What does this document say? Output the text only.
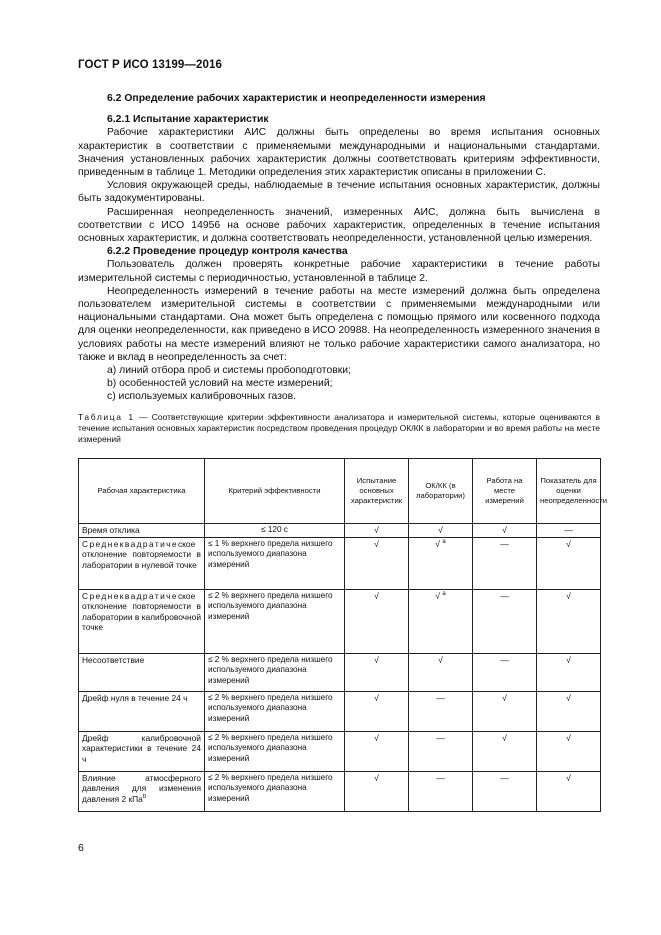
ГОСТ Р ИСО 13199—2016
6.2 Определение рабочих характеристик и неопределенности измерения
6.2.1 Испытание характеристик
Рабочие характеристики АИС должны быть определены во время испытания основных характеристик в соответствии с применяемыми международными и национальными стандартами. Значения установленных рабочих характеристик должны соответствовать критериям эффективности, приведенным в таблице 1. Методики определения этих характеристик описаны в приложении С.
Условия окружающей среды, наблюдаемые в течение испытания основных характеристик, должны быть задокументированы.
Расширенная неопределенность значений, измеренных АИС, должна быть вычислена в соответствии с ИСО 14956 на основе рабочих характеристик, определенных в течение испытания основных характеристик, и должна соответствовать неопределенности, установленной целью измерения.
6.2.2 Проведение процедур контроля качества
Пользователь должен проверять конкретные рабочие характеристики в течение работы измерительной системы с периодичностью, установленной в таблице 2.
Неопределенность измерений в течение работы на месте измерений должна быть определена пользователем измерительной системы в соответствии с применяемыми международными или национальными стандартами. Она может быть определена с помощью прямого или косвенного подхода для оценки неопределенности, как приведено в ИСО 20988. На неопределенность измеренного значения в условиях работы на месте измерений влияют не только рабочие характеристики самого анализатора, но также и вклад в неопределенность за счет:
a) линий отбора проб и системы пробоподготовки;
b) особенностей условий на месте измерений;
c) используемых калибровочных газов.
Таблица 1 — Соответствующие критерии эффективности анализатора и измерительной системы, которые оцениваются в течение испытания основных характеристик посредством проведения процедур ОК/КК в лаборатории и во время работы на месте измерений
Рабочая характеристика	Критерий эффективности	Испытание основных характеристик	ОК/КК (в лаборатории)	Работа на месте измерений	Показатель для оценки неопределенности
Время отклика	≤ 120 с	√	√	√	—
Среднеквадратическое отклонение повторяемости в лаборатории в нулевой точке	≤ 1 % верхнего предела низшего используемого диапазона измерений	√	√ $^а$	—	√
Среднеквадратическое отклонение повторяемости в лаборатории в калибровочной точке	≤ 2 % верхнего предела низшего используемого диапазона измерений	√	√ $^а$	—	√
Несоответствие	≤ 2 % верхнего предела низшего используемого диапазона измерений	√	√	—	√
Дрейф нуля в течение 24 ч	≤ 2 % верхнего предела низшего используемого диапазона измерений	√	—	√	√
Дрейф калибровочной характеристики в течение 24 ч	≤ 2 % верхнего предела низшего используемого диапазона измерений	√	—	√	√
Влияние атмосферного давления для изменения давления 2 кПа$^b$	≤ 2 % верхнего предела низшего используемого диапазона измерений	√	—	—	√
6
